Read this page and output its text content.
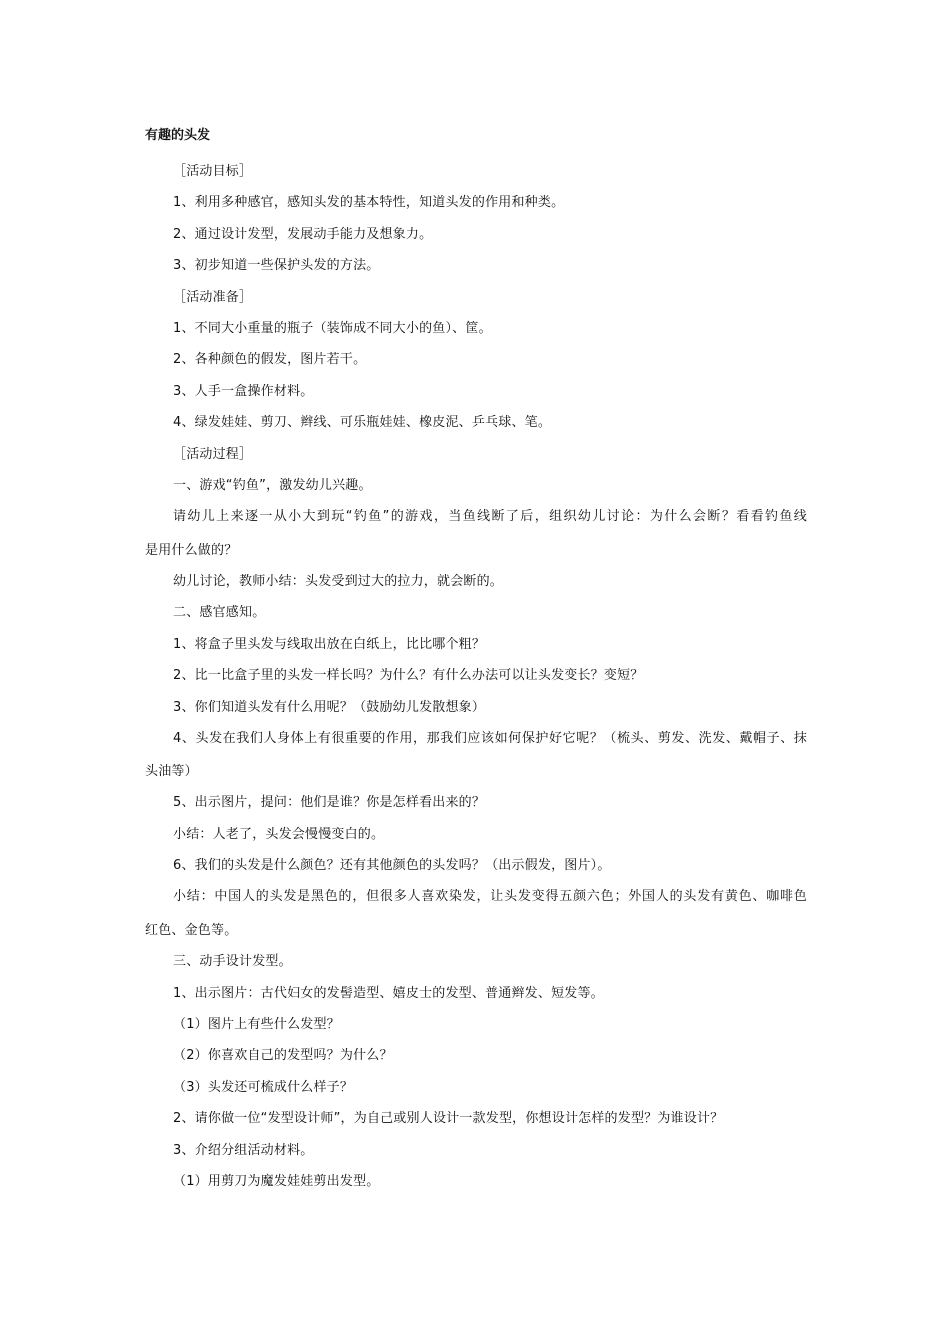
有趣的头发
［活动目标］
1、利用多种感官，感知头发的基本特性，知道头发的作用和种类。
2、通过设计发型，发展动手能力及想象力。
3、初步知道一些保护头发的方法。
［活动准备］
1、不同大小重量的瓶子（装饰成不同大小的鱼）、筐。
2、各种颜色的假发，图片若干。
3、人手一盒操作材料。
4、绿发娃娃、剪刀、辫线、可乐瓶娃娃、橡皮泥、乒乓球、笔。
［活动过程］
一、游戏“钓鱼”，激发幼儿兴趣。
请幼儿上来逐一从小大到玩“钓鱼”的游戏，当鱼线断了后，组织幼儿讨论：为什么会断？看看钓鱼线
是用什么做的？
幼儿讨论，教师小结：头发受到过大的拉力，就会断的。
二、感官感知。
1、将盒子里头发与线取出放在白纸上，比比哪个粗？
2、比一比盒子里的头发一样长吗？为什么？有什么办法可以让头发变长？变短？
3、你们知道头发有什么用呢？（鼓励幼儿发散想象）
4、头发在我们人身体上有很重要的作用，那我们应该如何保护好它呢？（梳头、剪发、洗发、戴帽子、抹
头油等）
5、出示图片，提问：他们是谁？你是怎样看出来的？
小结：人老了，头发会慢慢变白的。
6、我们的头发是什么颜色？还有其他颜色的头发吗？（出示假发，图片）。
小结：中国人的头发是黑色的，但很多人喜欢染发，让头发变得五颜六色；外国人的头发有黄色、咖啡色
红色、金色等。
三、动手设计发型。
1、出示图片：古代妇女的发髻造型、嬉皮士的发型、普通辫发、短发等。
（1）图片上有些什么发型？
（2）你喜欢自己的发型吗？为什么？
（3）头发还可梳成什么样子？
2、请你做一位“发型设计师”，为自己或别人设计一款发型，你想设计怎样的发型？为谁设计？
3、介绍分组活动材料。
（1）用剪刀为魔发娃娃剪出发型。
